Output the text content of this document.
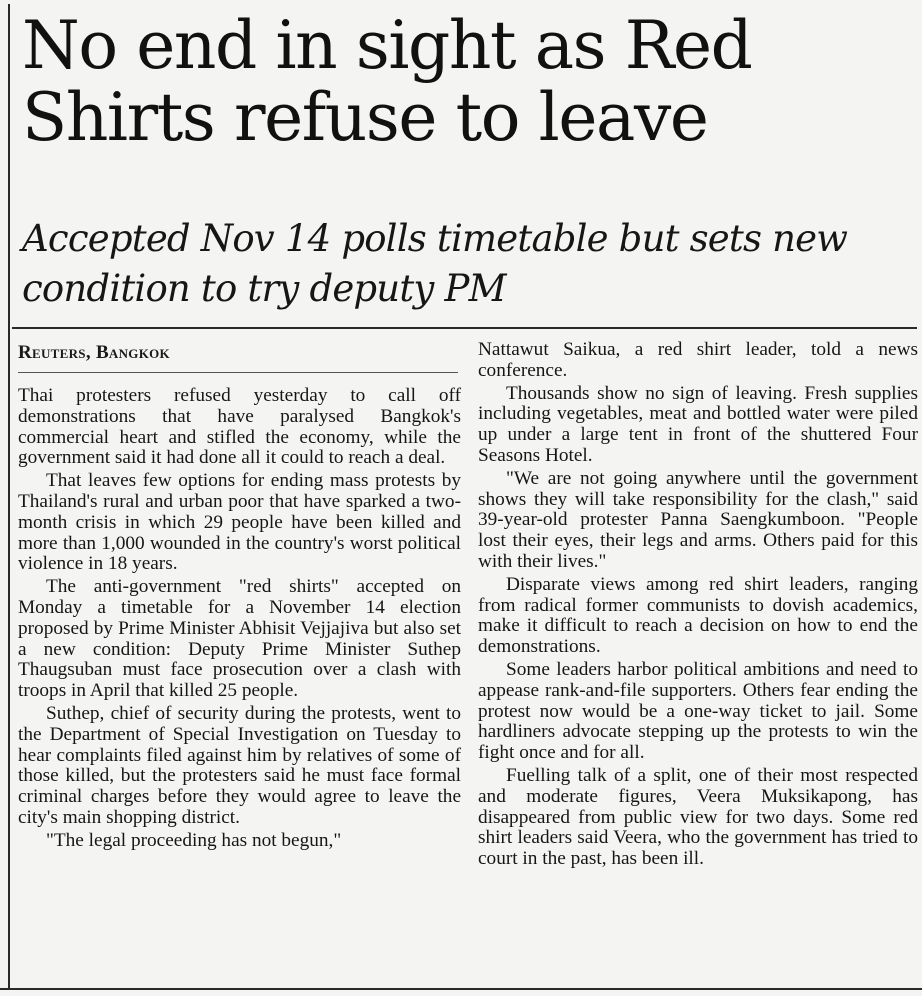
No end in sight as Red Shirts refuse to leave
Accepted Nov 14 polls timetable but sets new condition to try deputy PM
Reuters, Bangkok

Thai protesters refused yesterday to call off demonstrations that have paralysed Bangkok's commercial heart and stifled the economy, while the government said it had done all it could to reach a deal.

That leaves few options for ending mass protests by Thailand's rural and urban poor that have sparked a two-month crisis in which 29 people have been killed and more than 1,000 wounded in the country's worst political violence in 18 years.

The anti-government "red shirts" accepted on Monday a timetable for a November 14 election proposed by Prime Minister Abhisit Vejjajiva but also set a new condition: Deputy Prime Minister Suthep Thaugsuban must face prosecution over a clash with troops in April that killed 25 people.

Suthep, chief of security during the protests, went to the Department of Special Investigation on Tuesday to hear complaints filed against him by relatives of some of those killed, but the protesters said he must face formal criminal charges before they would agree to leave the city's main shopping district.

"The legal proceeding has not begun,"

Nattawut Saikua, a red shirt leader, told a news conference.

Thousands show no sign of leaving. Fresh supplies including vegetables, meat and bottled water were piled up under a large tent in front of the shuttered Four Seasons Hotel.

"We are not going anywhere until the government shows they will take responsibility for the clash," said 39-year-old protester Panna Saengkumboon. "People lost their eyes, their legs and arms. Others paid for this with their lives."

Disparate views among red shirt leaders, ranging from radical former communists to dovish academics, make it difficult to reach a decision on how to end the demonstrations.

Some leaders harbor political ambitions and need to appease rank-and-file supporters. Others fear ending the protest now would be a one-way ticket to jail. Some hardliners advocate stepping up the protests to win the fight once and for all.

Fuelling talk of a split, one of their most respected and moderate figures, Veera Muksikapong, has disappeared from public view for two days. Some red shirt leaders said Veera, who the government has tried to court in the past, has been ill.
